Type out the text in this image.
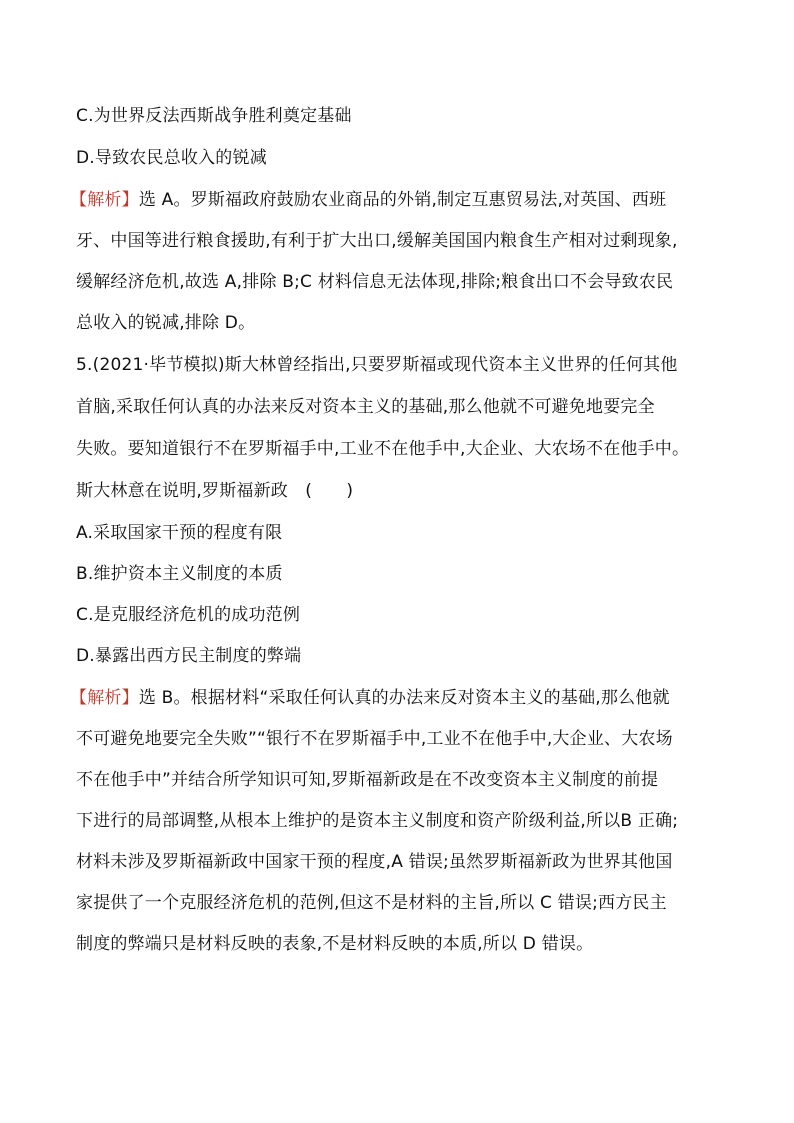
C.为世界反法西斯战争胜利奠定基础
D.导致农民总收入的锐减
【解析】选 A。罗斯福政府鼓励农业商品的外销,制定互惠贸易法,对英国、西班
牙、中国等进行粮食援助,有利于扩大出口,缓解美国国内粮食生产相对过剩现象,
缓解经济危机,故选 A,排除 B;C 材料信息无法体现,排除;粮食出口不会导致农民
总收入的锐减,排除 D。
5.(2021·毕节模拟)斯大林曾经指出,只要罗斯福或现代资本主义世界的任何其他
首脑,采取任何认真的办法来反对资本主义的基础,那么他就不可避免地要完全
失败。要知道银行不在罗斯福手中,工业不在他手中,大企业、大农场不在他手中。
斯大林意在说明,罗斯福新政　(　　)
A.采取国家干预的程度有限
B.维护资本主义制度的本质
C.是克服经济危机的成功范例
D.暴露出西方民主制度的弊端
【解析】选 B。根据材料“采取任何认真的办法来反对资本主义的基础,那么他就
不可避免地要完全失败”“银行不在罗斯福手中,工业不在他手中,大企业、大农场
不在他手中”并结合所学知识可知,罗斯福新政是在不改变资本主义制度的前提
下进行的局部调整,从根本上维护的是资本主义制度和资产阶级利益,所以B 正确;
材料未涉及罗斯福新政中国家干预的程度,A 错误;虽然罗斯福新政为世界其他国
家提供了一个克服经济危机的范例,但这不是材料的主旨,所以 C 错误;西方民主
制度的弊端只是材料反映的表象,不是材料反映的本质,所以 D 错误。
